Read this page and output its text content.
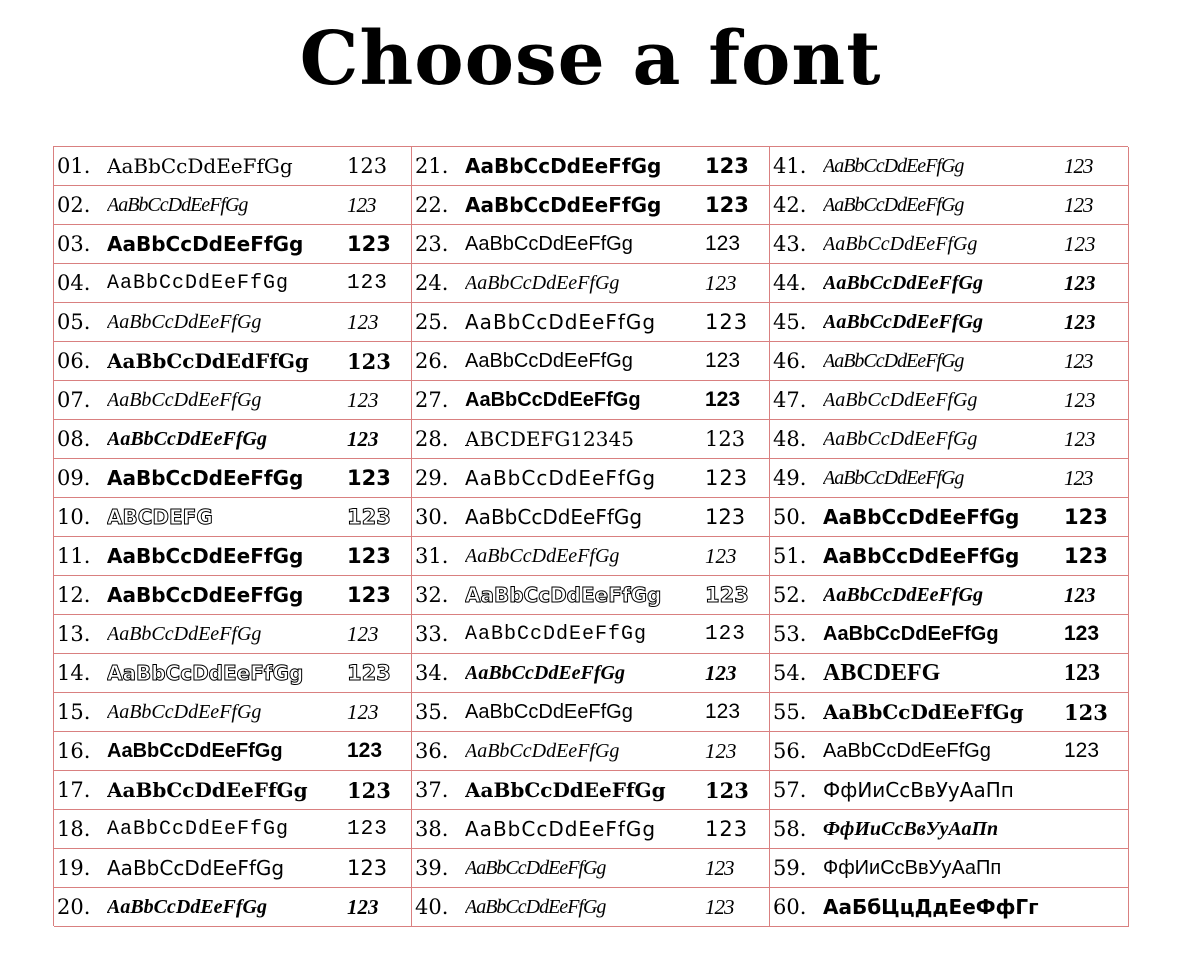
Choose a font
01. AaBbCcDdEeFfGg	123	21. AaBbCcDdEeFfGg	123	41. AaBbCcDdEeFfGg	123
02. AaBbCcDdEeFfGg	123	22. AaBbCcDdEeFfGg	123	42. AaBbCcDdEeFfGg	123
03. AaBbCcDdEeFfGg	123	23. AaBbCcDdEeFfGg	123	43. AaBbCcDdEeFfGg	123
04. AaBbCcDdEeFfGg	123	24. AaBbCcDdEeFfGg	123	44. AaBbCcDdEeFfGg	123
05. AaBbCcDdEeFfGg	123	25. AaBbCcDdEeFfGg	123	45. AaBbCcDdEeFfGg	123
06. AaBbCcDdEdFfGg	123	26. AaBbCcDdEeFfGg	123	46. AaBbCcDdEeFfGg	123
07. AaBbCcDdEeFfGg	123	27. AaBbCcDdEeFfGg	123	47. AaBbCcDdEeFfGg	123
08. AaBbCcDdEeFfGg	123	28. ABCDEFG12345	123	48. AaBbCcDdEeFfGg	123
09. AaBbCcDdEeFfGg	123	29. AaBbCcDdEeFfGg	123	49. AaBbCcDdEeFfGg	123
10. ABCDEFG	123	30. AaBbCcDdEeFfGg	123	50. AaBbCcDdEeFfGg	123
11. AaBbCcDdEeFfGg	123	31. AaBbCcDdEeFfGg	123	51. AaBbCcDdEeFfGg	123
12. AaBbCcDdEeFfGg	123	32. AaBbCcDdEeFfGg	123	52. AaBbCcDdEeFfGg	123
13. AaBbCcDdEeFfGg	123	33. AaBbCcDdEeFfGg	123	53. AaBbCcDdEeFfGg	123
14. AaBbCcDdEeFfGg	123	34. AaBbCcDdEeFfGg	123	54. ABCDEFG	123
15. AaBbCcDdEeFfGg	123	35. AaBbCcDdEeFfGg	123	55. AaBbCcDdEeFfGg	123
16. AaBbCcDdEeFfGg	123	36. AaBbCcDdEeFfGg	123	56. AaBbCcDdEeFfGg	123
17. AaBbCcDdEeFfGg	123	37. AaBbCcDdEeFfGg	123	57. ФфИиСсВвУуАаПп
18. AaBbCcDdEeFfGg	123	38. AaBbCcDdEeFfGg	123	58. ФфИиСсВвУуАаПп
19. AaBbCcDdEeFfGg	123	39. AaBbCcDdEeFfGg	123	59. ФфИиСсВвУуАаПп
20. AaBbCcDdEeFfGg	123	40. AaBbCcDdEeFfGg	123	60. АаБбЦцДдЕеФфГг
